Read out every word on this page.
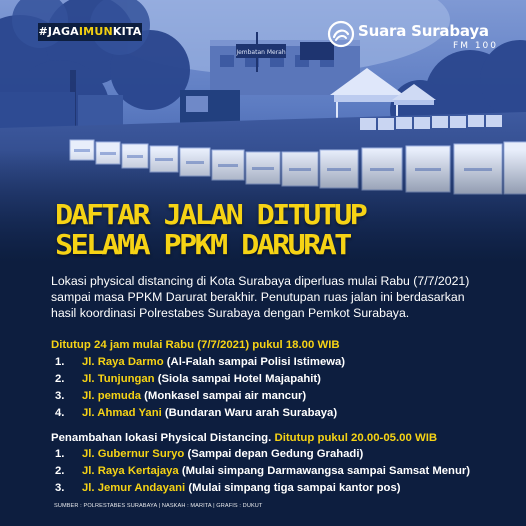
Jembatan Merah
#JAGAIMUNKITA	Suara Surabaya
FM 100
DAFTAR JALAN DITUTUP
SELAMA PPKM DARURAT
Lokasi physical distancing di Kota Surabaya diperluas mulai Rabu (7/7/2021) sampai masa PPKM Darurat berakhir. Penutupan ruas jalan ini berdasarkan hasil koordinasi Polrestabes Surabaya dengan Pemkot Surabaya.
Ditutup 24 jam mulai Rabu (7/7/2021) pukul 18.00 WIB
1. Jl. Raya Darmo (Al-Falah sampai Polisi Istimewa)
2. Jl. Tunjungan (Siola sampai Hotel Majapahit)
3. Jl. pemuda (Monkasel sampai air mancur)
4. Jl. Ahmad Yani (Bundaran Waru arah Surabaya)
Penambahan lokasi Physical Distancing. Ditutup pukul 20.00-05.00 WIB
1. Jl. Gubernur Suryo (Sampai depan Gedung Grahadi)
2. Jl. Raya Kertajaya (Mulai simpang Darmawangsa sampai Samsat Menur)
3. Jl. Jemur Andayani (Mulai simpang tiga sampai kantor pos)
SUMBER : POLRESTABES SURABAYA | NASKAH : MARITA | GRAFIS : DUKUT
